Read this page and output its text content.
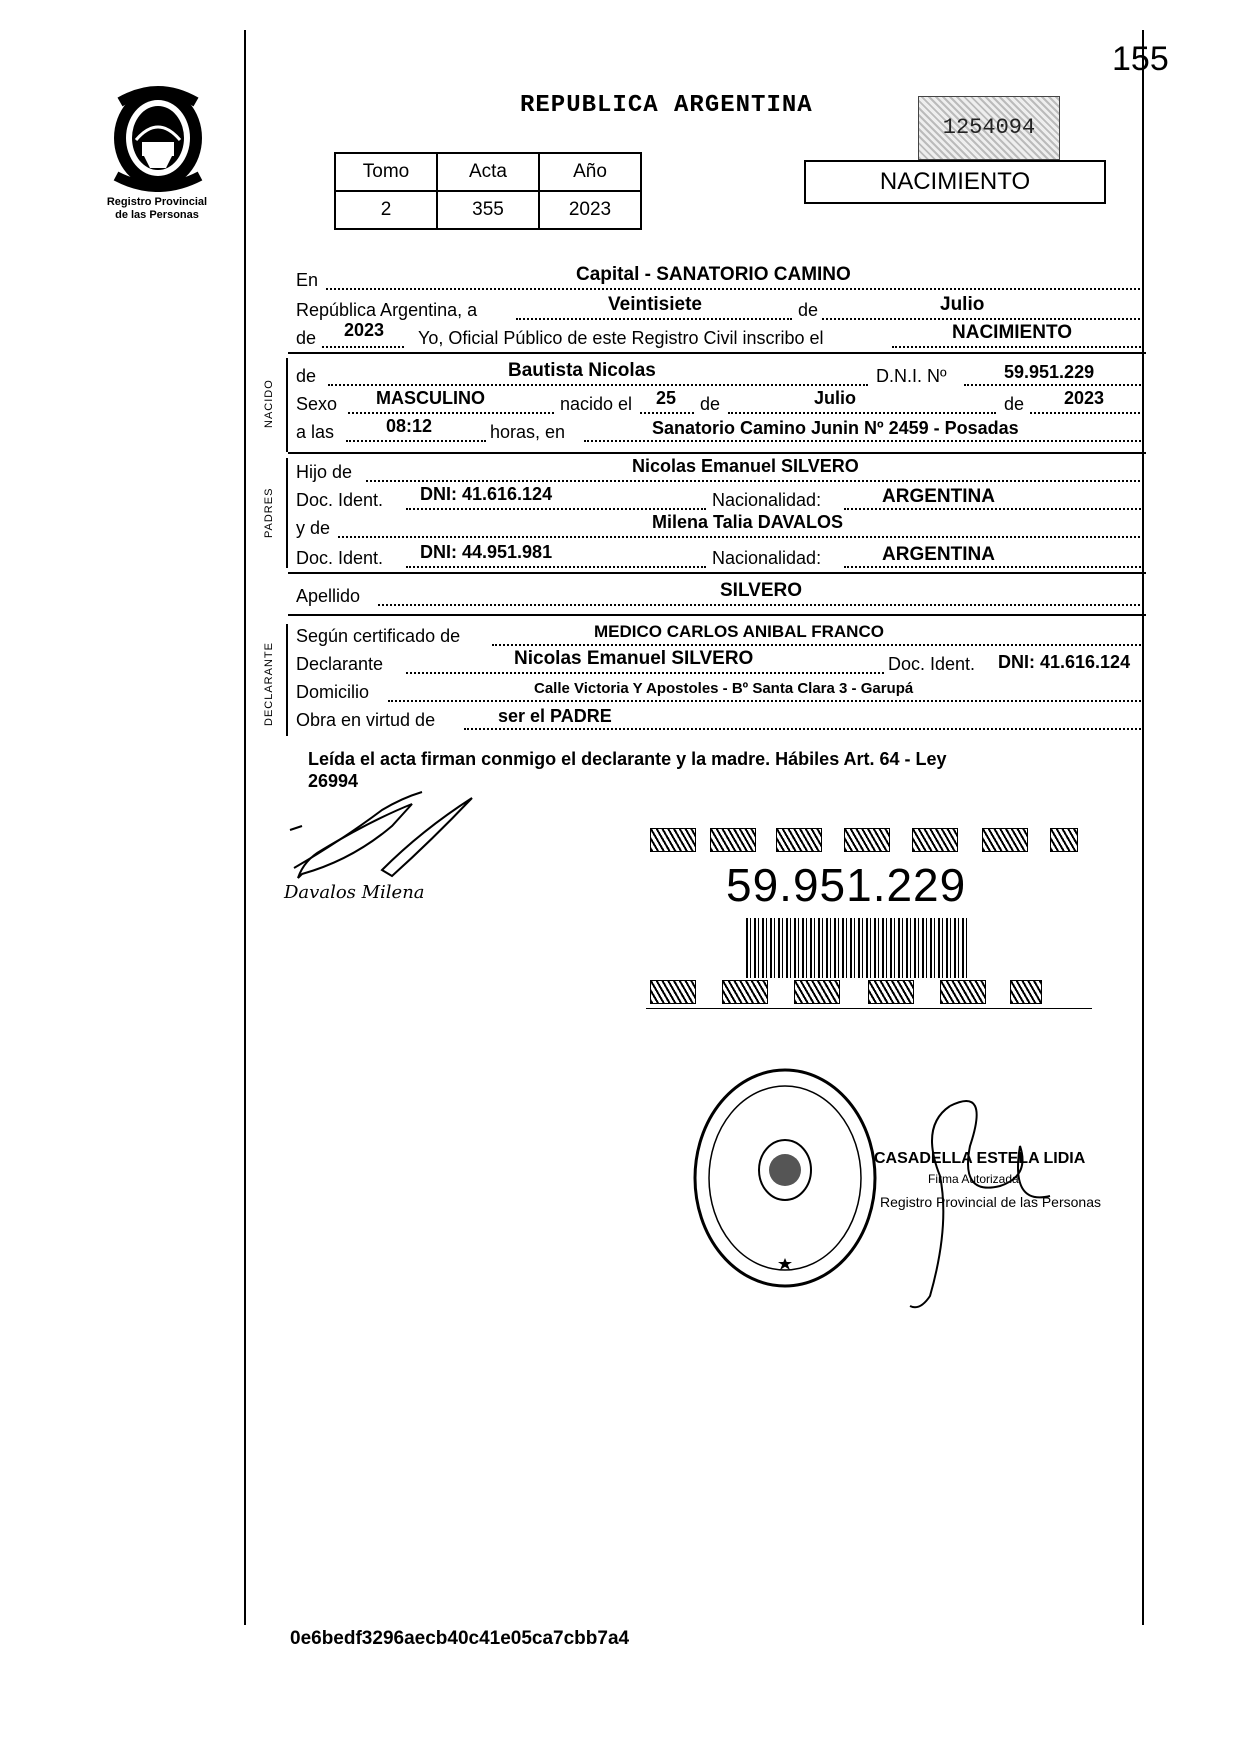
155
Registro Provincial
de las Personas
REPUBLICA ARGENTINA
1254094
Tomo	Acta	Año
2	355	2023
NACIMIENTO
En	Capital - SANATORIO CAMINO
República Argentina, a	Veintisiete	de	Julio
de 2023 Yo, Oficial Público de este Registro Civil inscribo el	NACIMIENTO
NACIDO
de	Bautista Nicolas	D.N.I. Nº	59.951.229
Sexo MASCULINO	nacido el 25 de	Julio	de 2023
a las	08:12	horas, en	Sanatorio Camino Junin Nº 2459 - Posadas
PADRES
Hijo de	Nicolas Emanuel SILVERO
Doc. Ident. DNI: 41.616.124	Nacionalidad:	ARGENTINA
y de	Milena Talia DAVALOS
Doc. Ident. DNI: 44.951.981	Nacionalidad:	ARGENTINA
Apellido	SILVERO
DECLARANTE
Según certificado de	MEDICO CARLOS ANIBAL FRANCO
Declarante	Nicolas Emanuel SILVERO	Doc. Ident. DNI: 41.616.124
Domicilio	Calle Victoria Y Apostoles - Bº Santa Clara 3 - Garupá
Obra en virtud de	ser el PADRE
Leída el acta firman conmigo el declarante y la madre. Hábiles Art. 64 - Ley
26994
Davalos Milena	59.951.229
CASADELLA ESTELA LIDIA
Firma Autorizada
Registro Provincial de las Personas
0e6bedf3296aecb40c41e05ca7cbb7a4
